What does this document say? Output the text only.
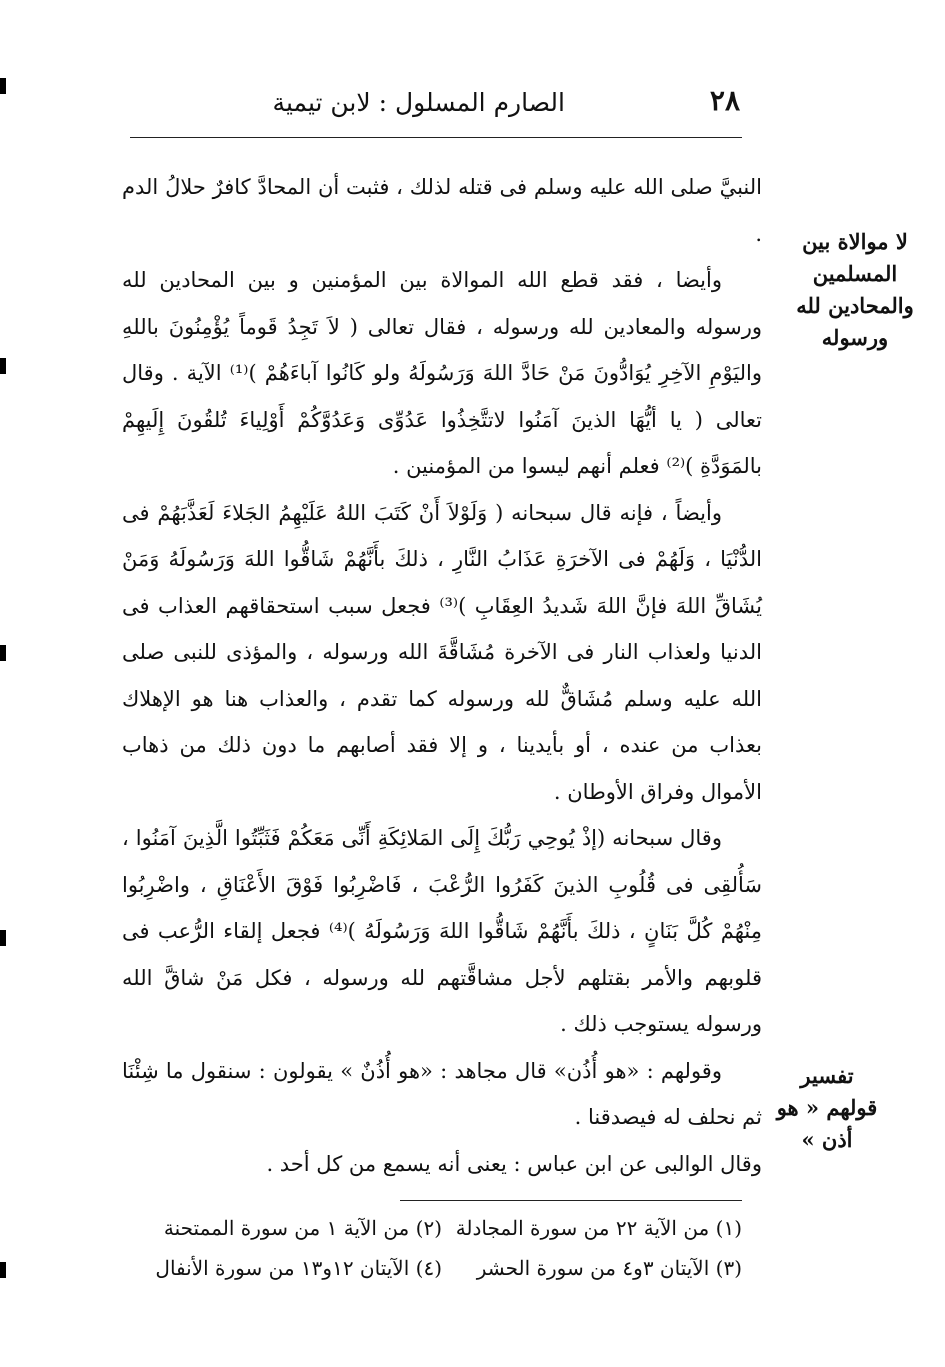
٢٨
الصارم المسلول : لابن تيمية
لا موالاة بين المسلمين والمحادين لله ورسوله
تفسير قولهم « هو أذن »

النبيَّ صلى الله عليه وسلم فى قتله لذلك ، فثبت أن المحادَّ كافرٌ حلالُ الدم .

وأيضا ، فقد قطع الله الموالاة بين المؤمنين و بين المحادين لله ورسوله والمعادين لله ورسوله ، فقال تعالى ( لاَ تَجِدُ قَوماً يُؤْمِنُونَ باللهِ واليَوْمِ الآخِرِ يُوَادُّونَ مَنْ حَادَّ اللهَ وَرَسُولَهُ ولو كَانُوا آباءَهُمْ )⁽¹⁾ الآية . وقال تعالى ( يا أيُّهَا الذينَ آمَنُوا لاتتَّخِذُوا عَدُوِّى وَعَدُوَّكُمْ أَوْلِياءَ تُلقُونَ إِلَيهِمْ بالمَوَدَّةِ )⁽²⁾ فعلم أنهم ليسوا من المؤمنين .

وأيضاً ، فإنه قال سبحانه ( وَلَوْلاَ أَنْ كَتَبَ اللهُ عَلَيْهِمُ الجَلاءَ لَعَذَّبَهُمْ فى الدُّنْيَا ، وَلَهُمْ فى الآخرَةِ عَذَابُ النَّارِ ، ذلكَ بأَنَّهُمْ شَاقُّوا اللهَ وَرَسُولَهُ وَمَنْ يُشَاقِّ اللهَ فإنَّ اللهَ شَديدُ العِقَابِ )⁽³⁾ فجعل سبب استحقاقهم العذاب فى الدنيا ولعذاب النار فى الآخرة مُشَاقَّةَ الله ورسوله ، والمؤذى للنبى صلى الله عليه وسلم مُشَاقٌّ لله ورسوله كما تقدم ، والعذاب هنا هو الإهلاك بعذاب من عنده ، أو بأيدينا ، و إلا فقد أصابهم ما دون ذلك من ذهاب الأموال وفراق الأوطان .

وقال سبحانه (إذْ يُوحِي رَبُّكَ إِلَى المَلائِكَةِ أَنِّى مَعَكُمْ فَثَبِّتُوا الَّذِينَ آمَنُوا ، سَأُلقِى فى قُلُوبِ الذينَ كَفَرُوا الرُّعْبَ ، فَاضْرِبُوا فَوْقَ الأَعْنَاقِ ، واضْرِبُوا مِنْهُمْ كُلَّ بَنَانٍ ، ذلكَ بأَنَّهُمْ شَاقُّوا اللهَ وَرَسُولَهُ )⁽⁴⁾ فجعل إلقاء الرُّعب فى قلوبهم والأمر بقتلهم لأجل مشاقَّتهم لله ورسوله ، فكل مَنْ شاقَّ الله ورسوله يستوجب ذلك .

وقولهم : «هو أُذُن» قال مجاهد : «هو أُذُنٌ » يقولون : سنقول ما شِئْنَا ثم نحلف له فيصدقنا .

وقال الوالبى عن ابن عباس : يعنى أنه يسمع من كل أحد .

(١) من الآية ٢٢ من سورة المجادلة
(٢) من الآية ١ من سورة الممتحنة
(٣) الآيتان ٣و٤ من سورة الحشر
(٤) الآيتان ١٢و١٣ من سورة الأنفال
